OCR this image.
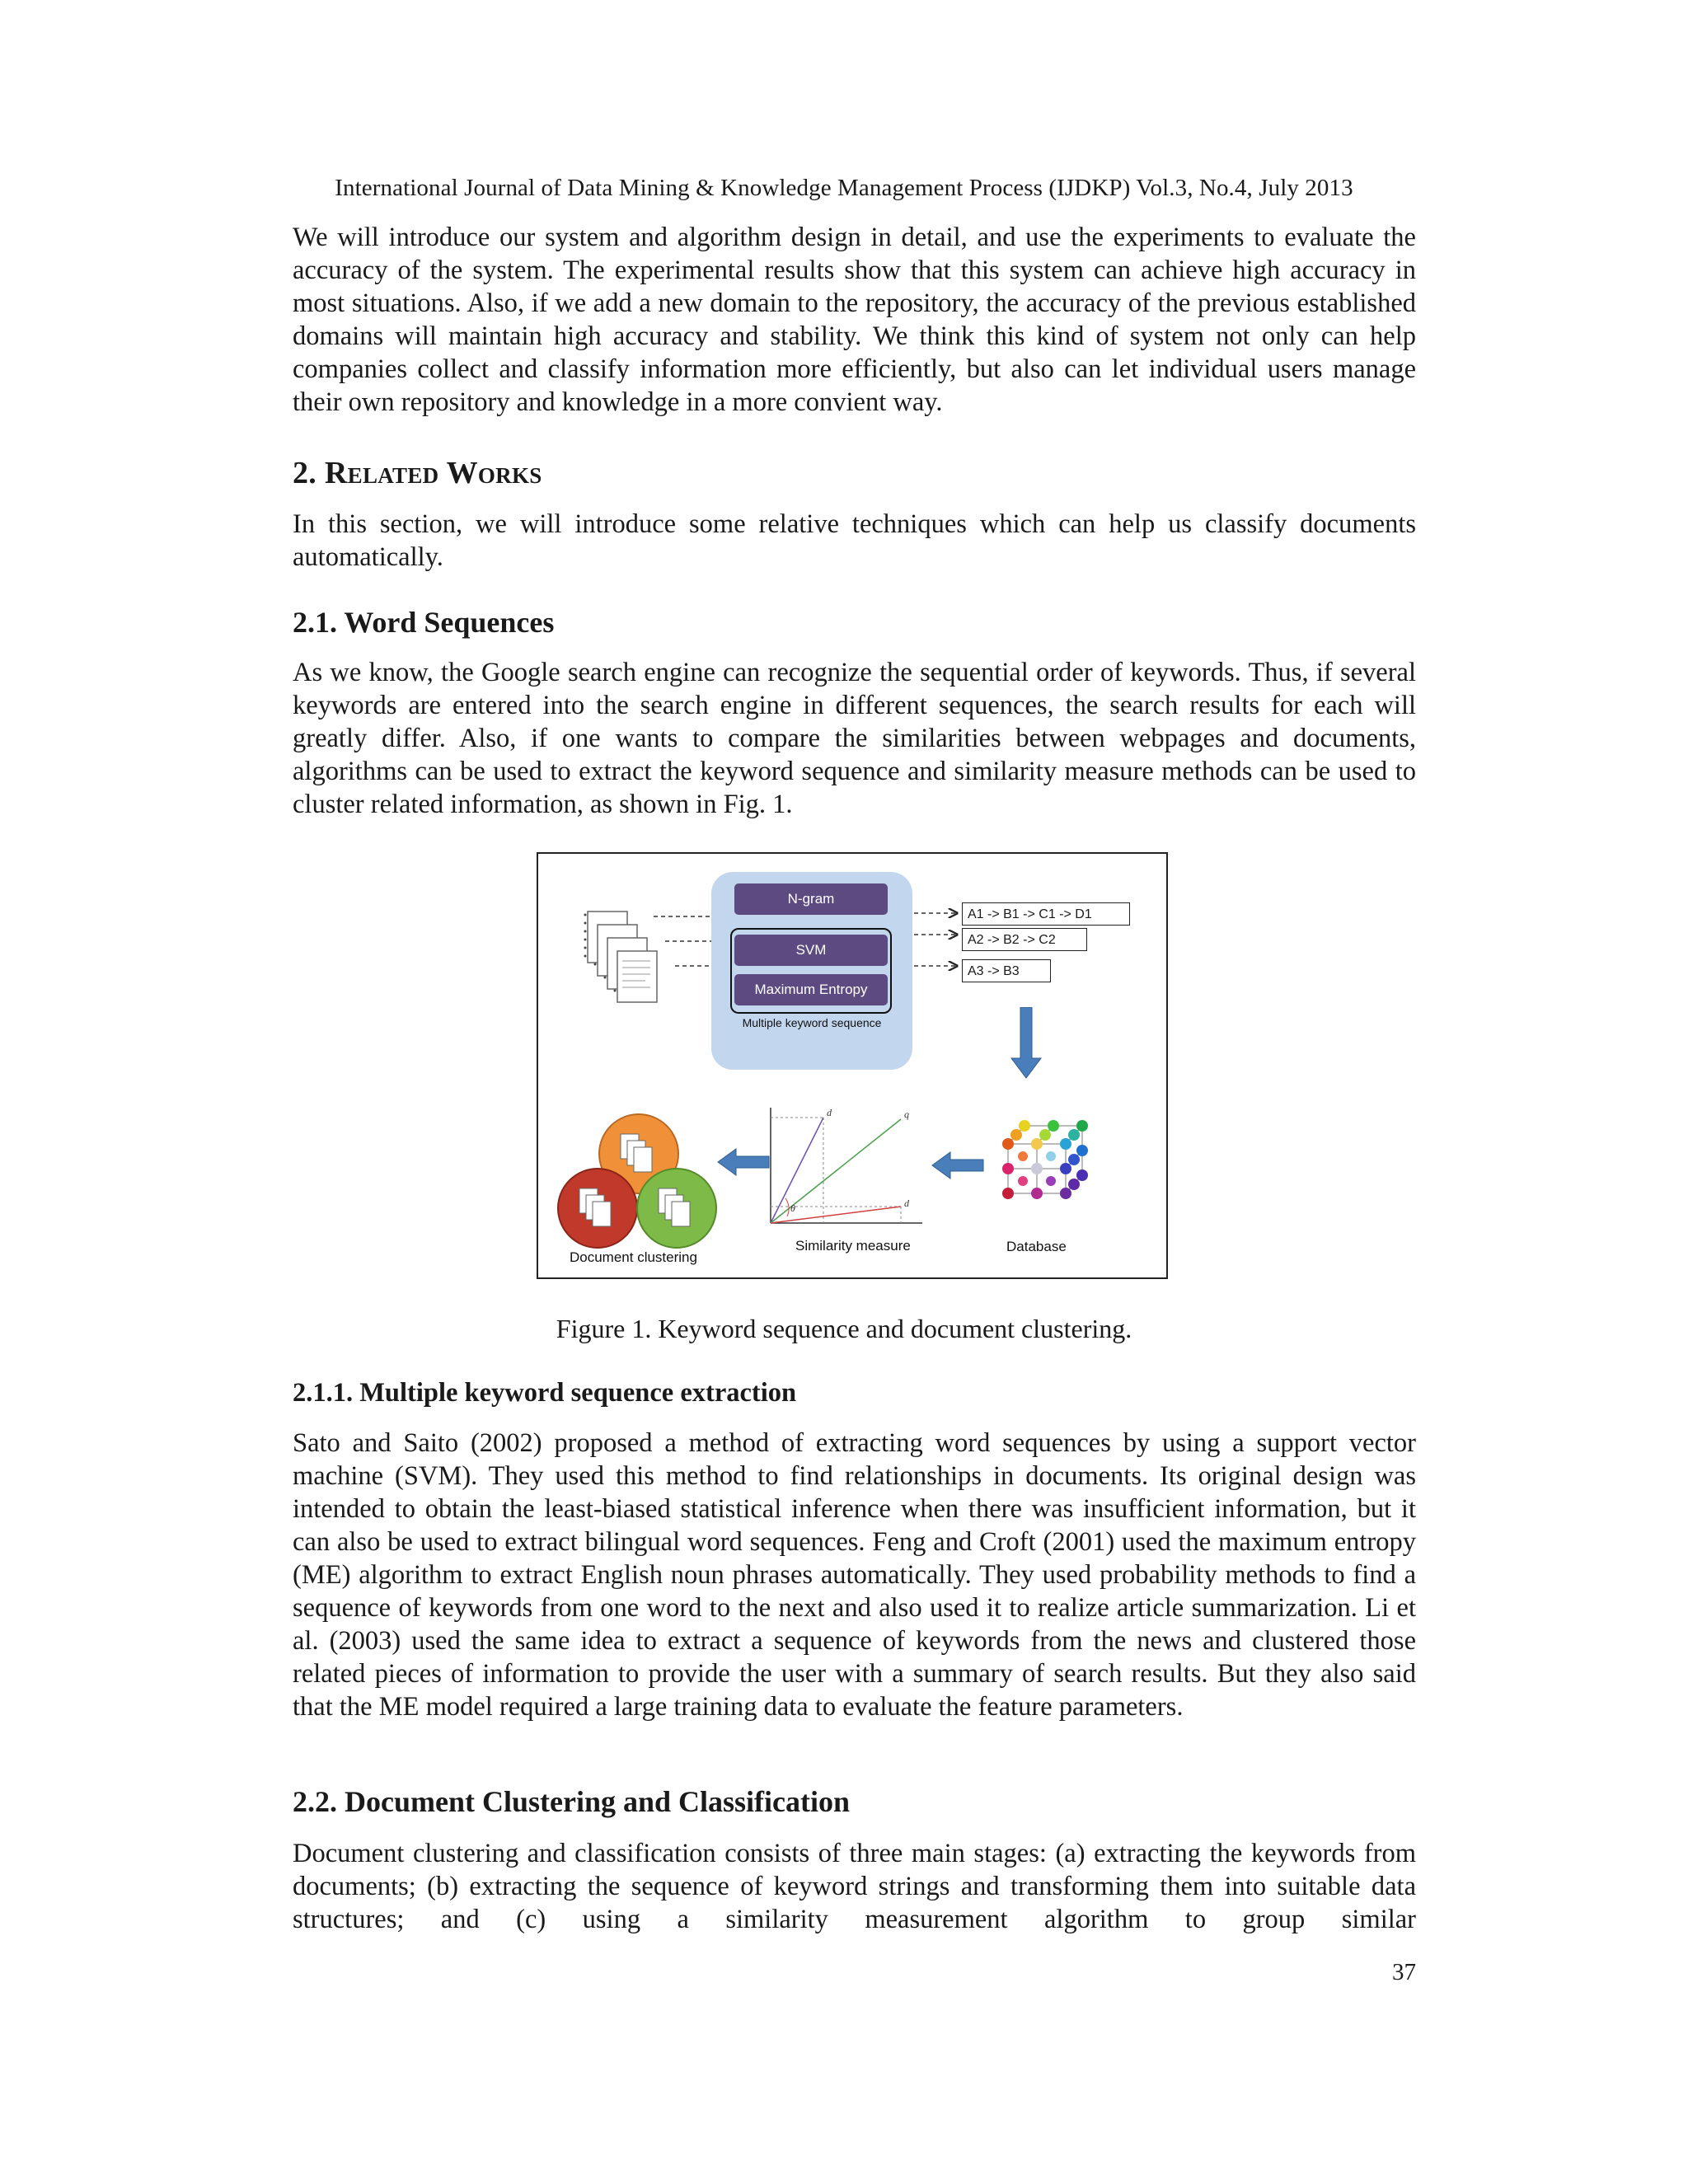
International Journal of Data Mining & Knowledge Management Process (IJDKP) Vol.3, No.4, July 2013

We will introduce our system and algorithm design in detail, and use the experiments to evaluate the accuracy of the system. The experimental results show that this system can achieve high accuracy in most situations. Also, if we add a new domain to the repository, the accuracy of the previous established domains will maintain high accuracy and stability. We think this kind of system not only can help companies collect and classify information more efficiently, but also can let individual users manage their own repository and knowledge in a more convient way.

2. Related Works

In this section, we will introduce some relative techniques which can help us classify documents automatically.

2.1. Word Sequences

As we know, the Google search engine can recognize the sequential order of keywords. Thus, if several keywords are entered into the search engine in different sequences, the search results for each will greatly differ. Also, if one wants to compare the similarities between webpages and documents, algorithms can be used to extract the keyword sequence and similarity measure methods can be used to cluster related information, as shown in Fig. 1.

N-gram
SVM
Maximum Entropy
Multiple keyword sequence
A1 -> B1 -> C1 -> D1
A2 -> B2 -> C2
A3 -> B3
Database
d	q
d
θ
Similarity measure
Document clustering
Figure 1. Keyword sequence and document clustering.
2.1.1. Multiple keyword sequence extraction

Sato and Saito (2002) proposed a method of extracting word sequences by using a support vector machine (SVM). They used this method to find relationships in documents. Its original design was intended to obtain the least-biased statistical inference when there was insufficient information, but it can also be used to extract bilingual word sequences. Feng and Croft (2001) used the maximum entropy (ME) algorithm to extract English noun phrases automatically. They used probability methods to find a sequence of keywords from one word to the next and also used it to realize article summarization. Li et al. (2003) used the same idea to extract a sequence of keywords from the news and clustered those related pieces of information to provide the user with a summary of search results. But they also said that the ME model required a large training data to evaluate the feature parameters.

2.2. Document Clustering and Classification

Document clustering and classification consists of three main stages: (a) extracting the keywords from documents; (b) extracting the sequence of keyword strings and transforming them into suitable data structures; and (c) using a similarity measurement algorithm to group similar

37
